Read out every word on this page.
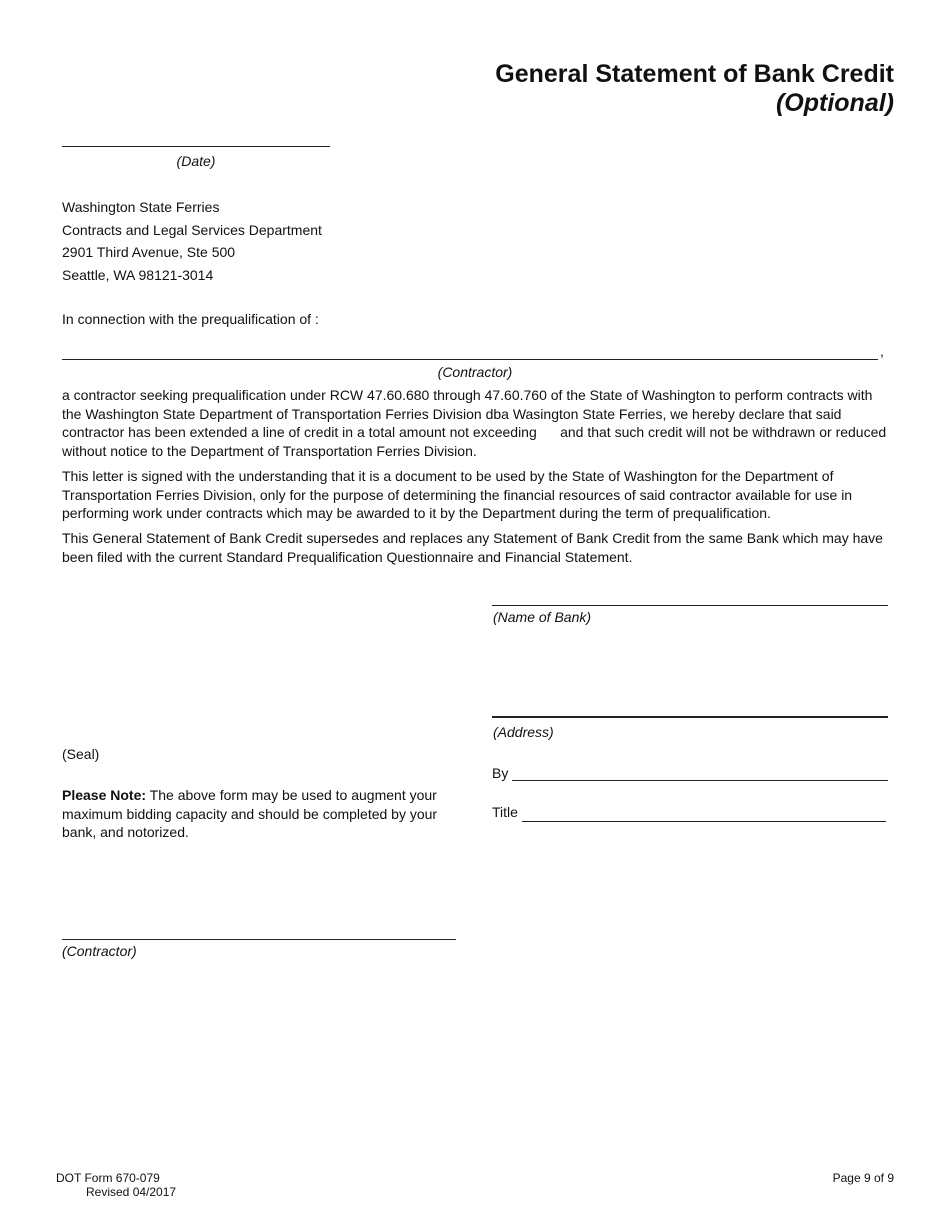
General Statement of Bank Credit
(Optional)
(Date)
Washington State Ferries
Contracts and Legal Services Department
2901 Third Avenue, Ste 500
Seattle, WA 98121-3014
In connection with the prequalification of :
,
(Contractor)

a contractor seeking prequalification under RCW 47.60.680 through 47.60.760 of the State of Washington to perform contracts with the Washington State Department of Transportation Ferries Division dba Wasington State Ferries, we hereby declare that said contractor has been extended a line of credit in a total amount not exceeding      and that such credit will not be withdrawn or reduced without notice to the Department of Transportation Ferries Division.

This letter is signed with the understanding that it is a document to be used by the State of Washington for the Department of Transportation Ferries Division, only for the purpose of determining the financial resources of said contractor available for use in performing work under contracts which may be awarded to it by the Department during the term of prequalification.

This General Statement of Bank Credit supersedes and replaces any Statement of Bank Credit from the same Bank which may have been filed with the current Standard Prequalification Questionnaire and Financial Statement.

(Name of Bank)
(Address)
(Seal)
By
Title
Please Note: The above form may be used to augment your maximum bidding capacity and should be completed by your bank, and notorized.
(Contractor)
DOT Form 670-079
Revised 04/2017
Page 9 of 9
